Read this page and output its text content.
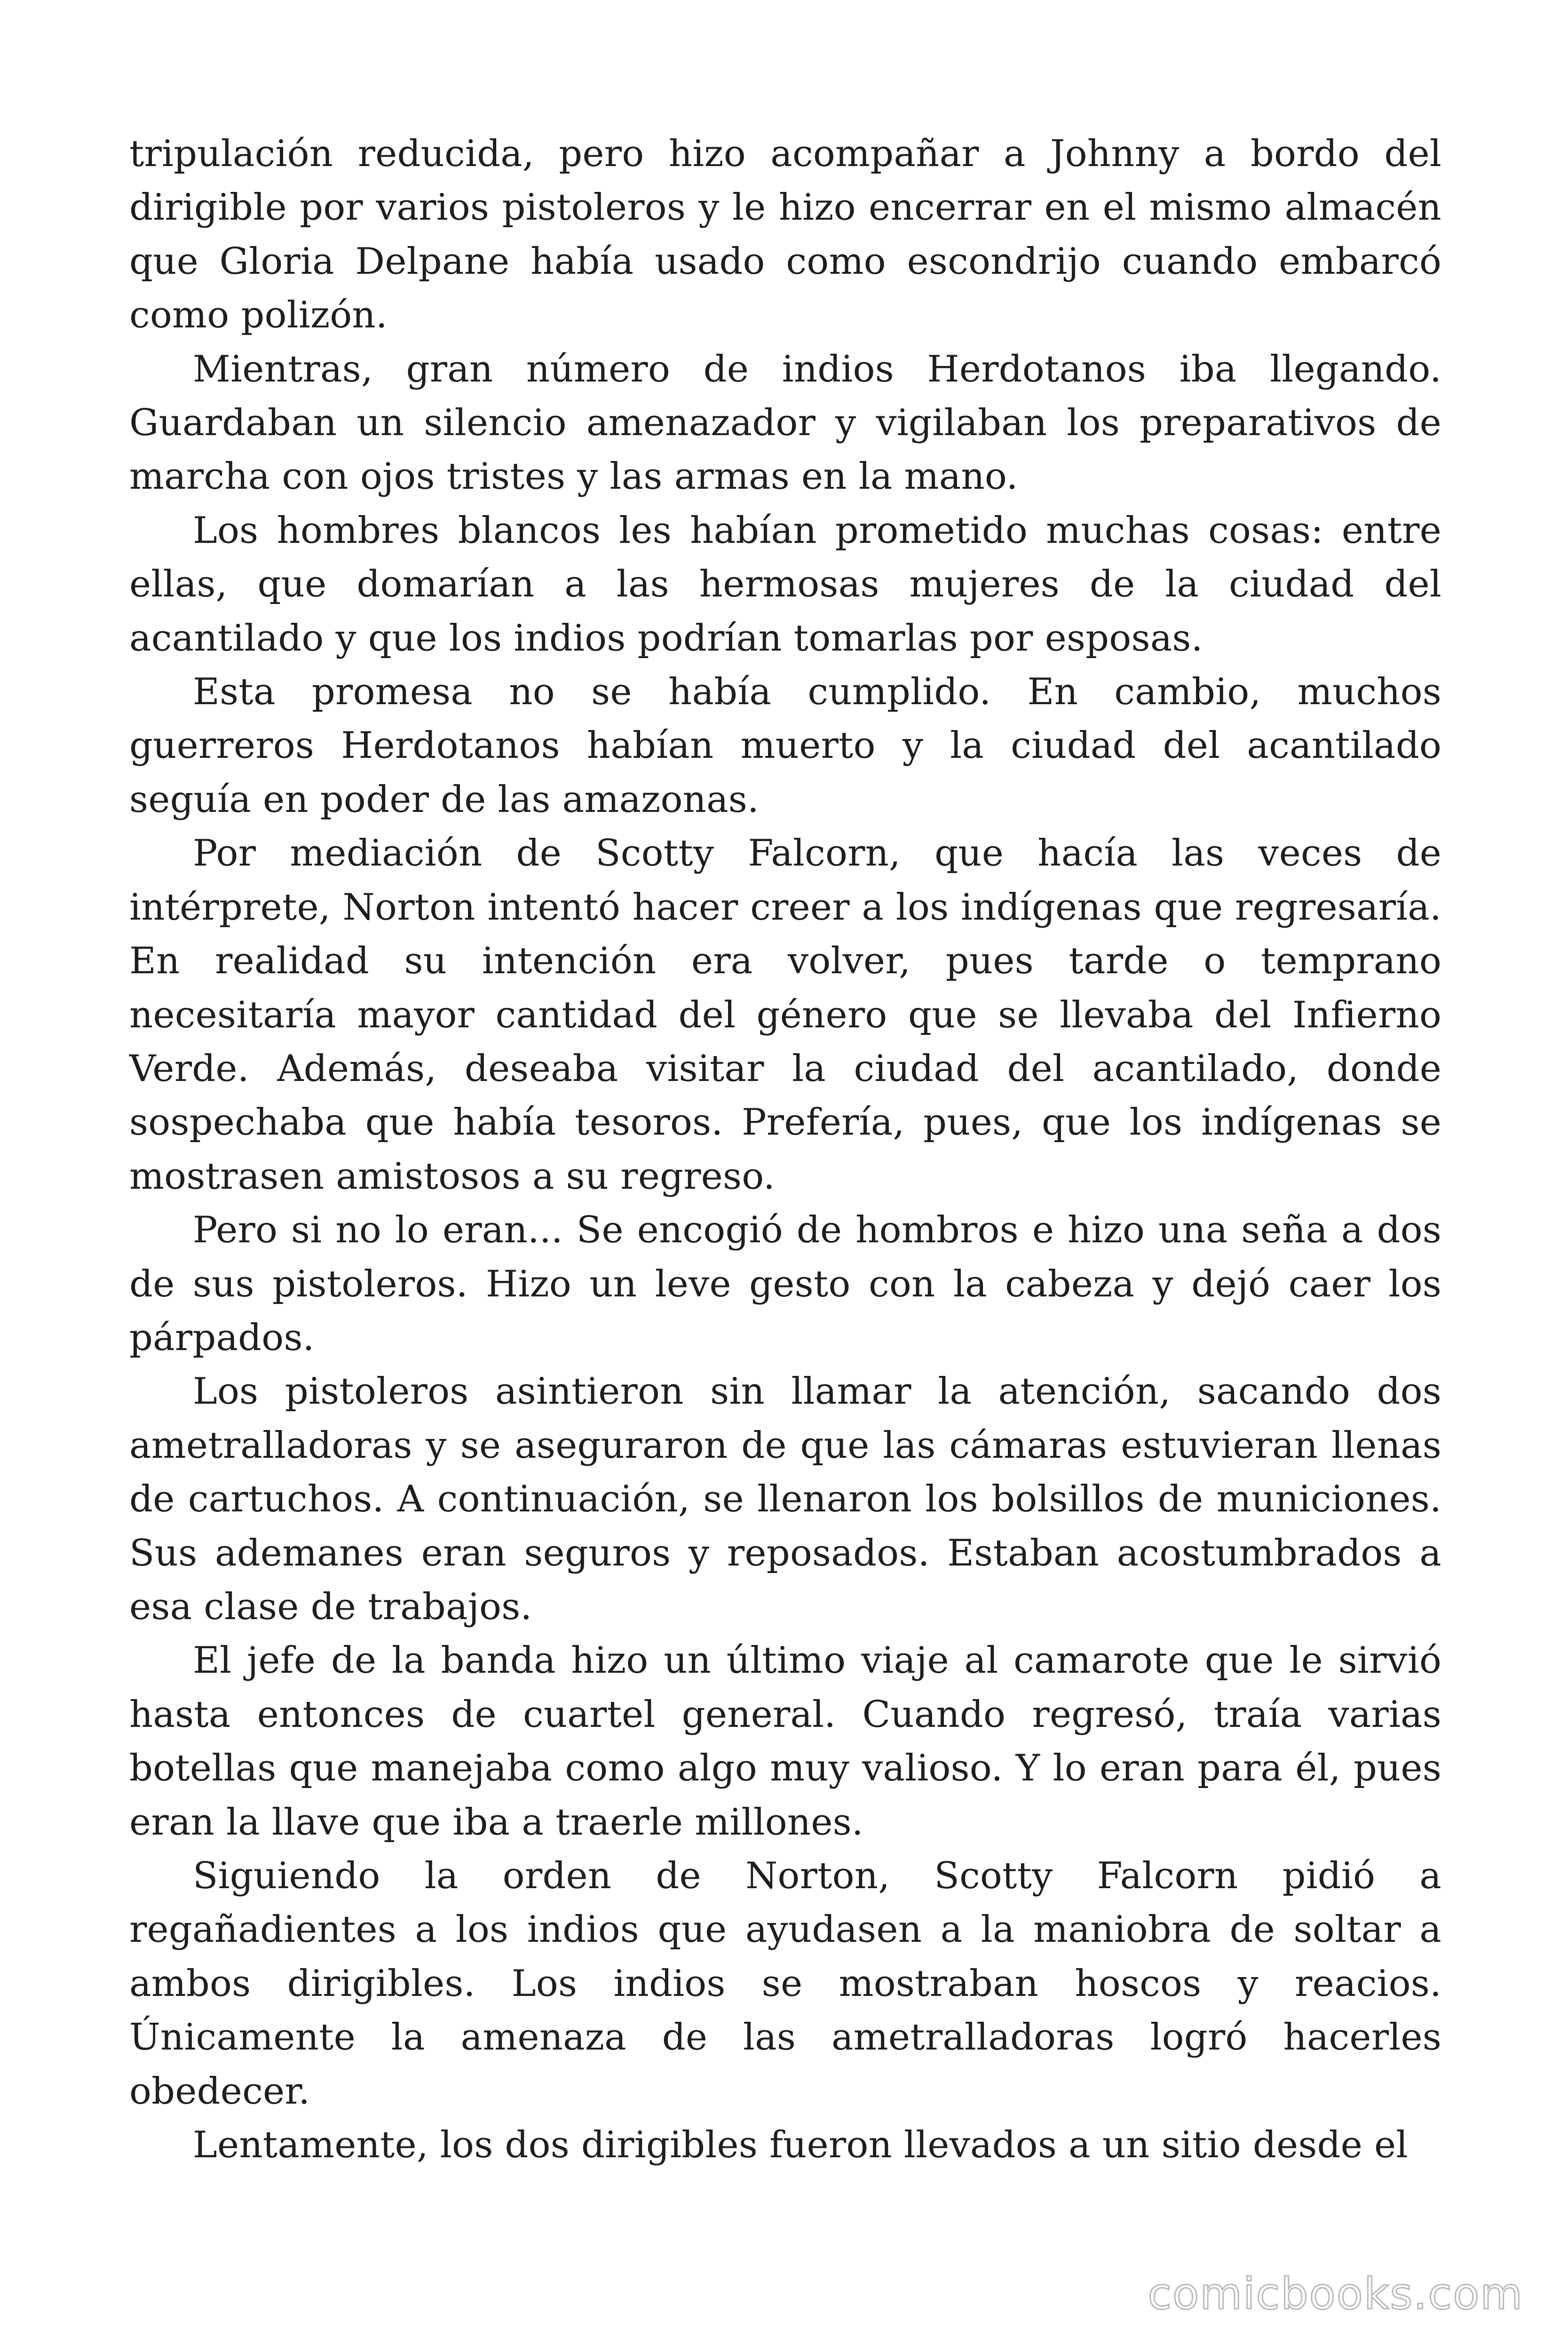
tripulación reducida, pero hizo acompañar a Johnny a bordo del dirigible por varios pistoleros y le hizo encerrar en el mismo almacén que Gloria Delpane había usado como escondrijo cuando embarcó como polizón.

Mientras, gran número de indios Herdotanos iba llegando. Guardaban un silencio amenazador y vigilaban los preparativos de marcha con ojos tristes y las armas en la mano.

Los hombres blancos les habían prometido muchas cosas: entre ellas, que domarían a las hermosas mujeres de la ciudad del acantilado y que los indios podrían tomarlas por esposas.

Esta promesa no se había cumplido. En cambio, muchos guerreros Herdotanos habían muerto y la ciudad del acantilado seguía en poder de las amazonas.

Por mediación de Scotty Falcorn, que hacía las veces de intérprete, Norton intentó hacer creer a los indígenas que regresaría. En realidad su intención era volver, pues tarde o temprano necesitaría mayor cantidad del género que se llevaba del Infierno Verde. Además, deseaba visitar la ciudad del acantilado, donde sospechaba que había tesoros. Prefería, pues, que los indígenas se mostrasen amistosos a su regreso.

Pero si no lo eran... Se encogió de hombros e hizo una seña a dos de sus pistoleros. Hizo un leve gesto con la cabeza y dejó caer los párpados.

Los pistoleros asintieron sin llamar la atención, sacando dos ametralladoras y se aseguraron de que las cámaras estuvieran llenas de cartuchos. A continuación, se llenaron los bolsillos de municiones. Sus ademanes eran seguros y reposados. Estaban acostumbrados a esa clase de trabajos.

El jefe de la banda hizo un último viaje al camarote que le sirvió hasta entonces de cuartel general. Cuando regresó, traía varias botellas que manejaba como algo muy valioso. Y lo eran para él, pues eran la llave que iba a traerle millones.

Siguiendo la orden de Norton, Scotty Falcorn pidió a regañadientes a los indios que ayudasen a la maniobra de soltar a ambos dirigibles. Los indios se mostraban hoscos y reacios. Únicamente la amenaza de las ametralladoras logró hacerles obedecer.

Lentamente, los dos dirigibles fueron llevados a un sitio desde el

comicbooks.com
